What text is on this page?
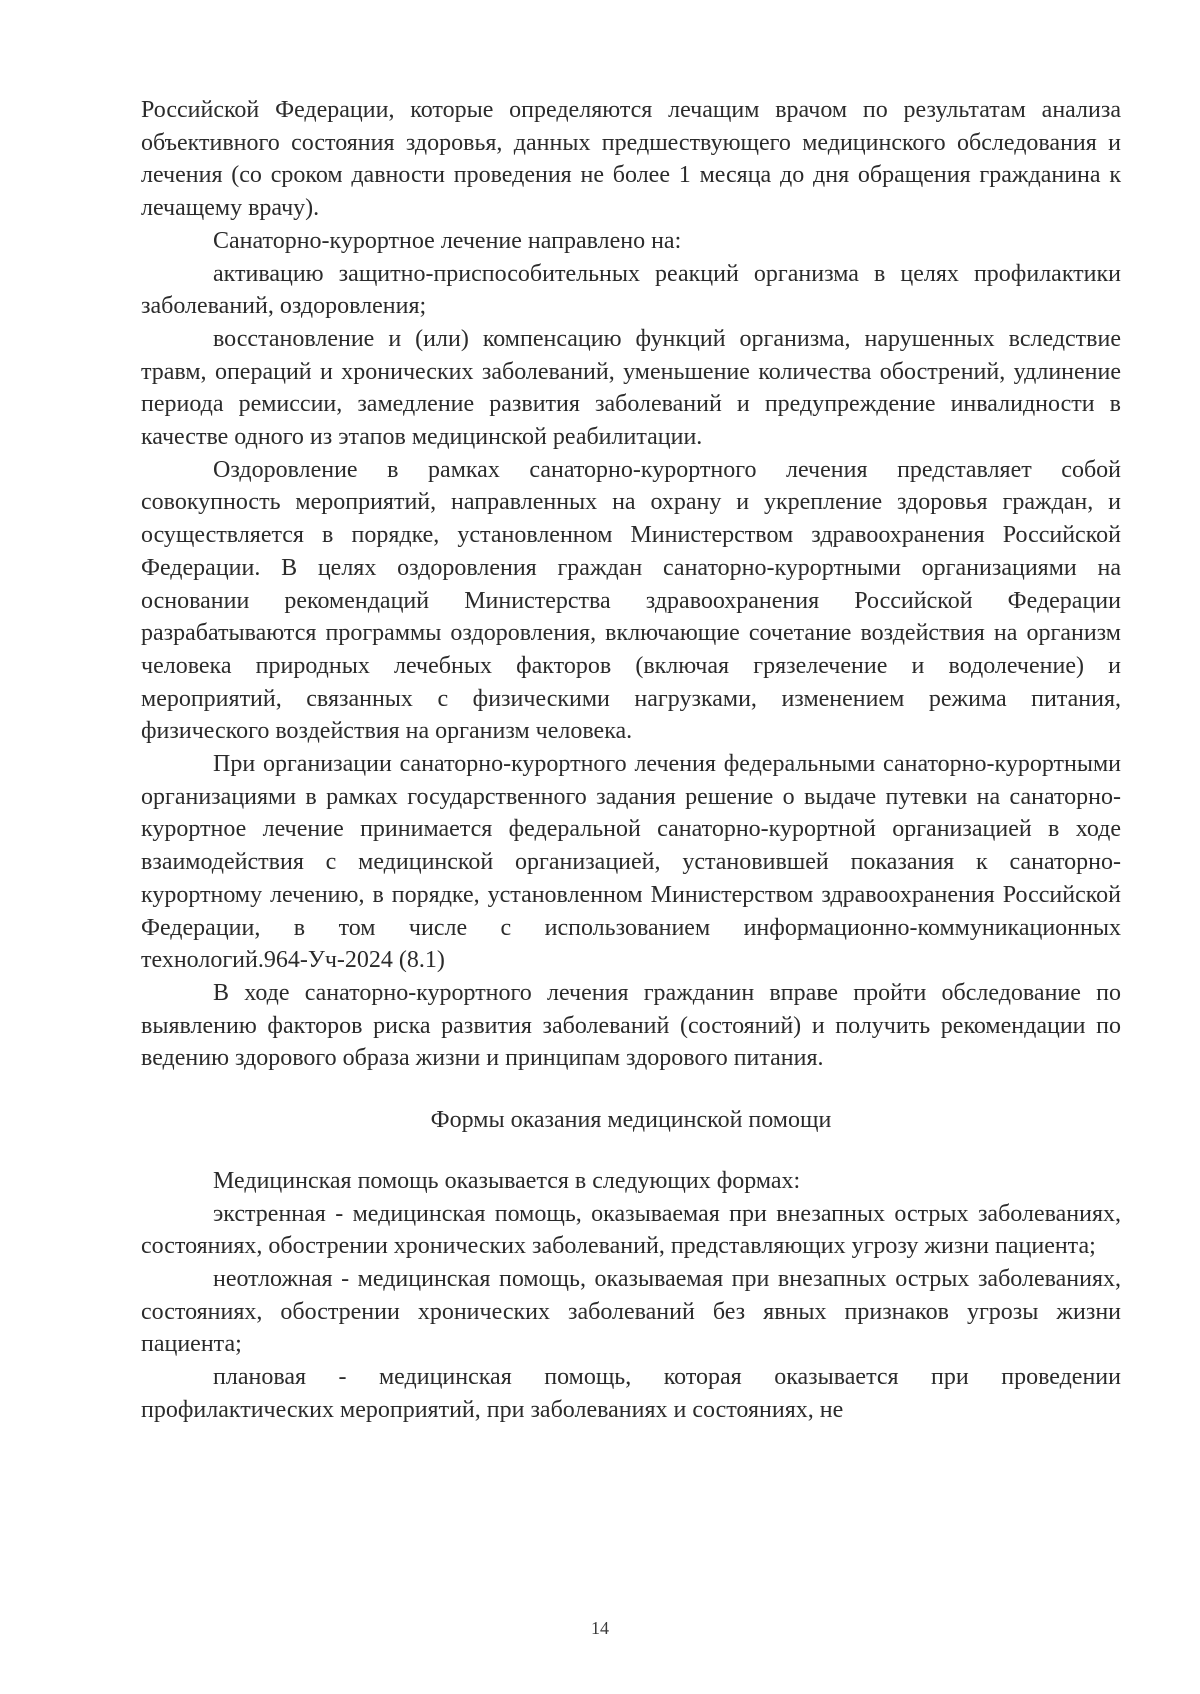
Российской Федерации, которые определяются лечащим врачом по результатам анализа объективного состояния здоровья, данных предшествующего медицинского обследования и лечения (со сроком давности проведения не более 1 месяца до дня обращения гражданина к лечащему врачу).

Санаторно-курортное лечение направлено на:

активацию защитно-приспособительных реакций организма в целях профилактики заболеваний, оздоровления;

восстановление и (или) компенсацию функций организма, нарушенных вследствие травм, операций и хронических заболеваний, уменьшение количества обострений, удлинение периода ремиссии, замедление развития заболеваний и предупреждение инвалидности в качестве одного из этапов медицинской реабилитации.

Оздоровление в рамках санаторно-курортного лечения представляет собой совокупность мероприятий, направленных на охрану и укрепление здоровья граждан, и осуществляется в порядке, установленном Министерством здравоохранения Российской Федерации. В целях оздоровления граждан санаторно-курортными организациями на основании рекомендаций Министерства здравоохранения Российской Федерации разрабатываются программы оздоровления, включающие сочетание воздействия на организм человека природных лечебных факторов (включая грязелечение и водолечение) и мероприятий, связанных с физическими нагрузками, изменением режима питания, физического воздействия на организм человека.

При организации санаторно-курортного лечения федеральными санаторно-курортными организациями в рамках государственного задания решение о выдаче путевки на санаторно-курортное лечение принимается федеральной санаторно-курортной организацией в ходе взаимодействия с медицинской организацией, установившей показания к санаторно-курортному лечению, в порядке, установленном Министерством здравоохранения Российской Федерации, в том числе с использованием информационно-коммуникационных технологий.964-Уч-2024 (8.1)

В ходе санаторно-курортного лечения гражданин вправе пройти обследование по выявлению факторов риска развития заболеваний (состояний) и получить рекомендации по ведению здорового образа жизни и принципам здорового питания.

Формы оказания медицинской помощи

Медицинская помощь оказывается в следующих формах:

экстренная - медицинская помощь, оказываемая при внезапных острых заболеваниях, состояниях, обострении хронических заболеваний, представляющих угрозу жизни пациента;

неотложная - медицинская помощь, оказываемая при внезапных острых заболеваниях, состояниях, обострении хронических заболеваний без явных признаков угрозы жизни пациента;

плановая - медицинская помощь, которая оказывается при проведении профилактических мероприятий, при заболеваниях и состояниях, не

14
